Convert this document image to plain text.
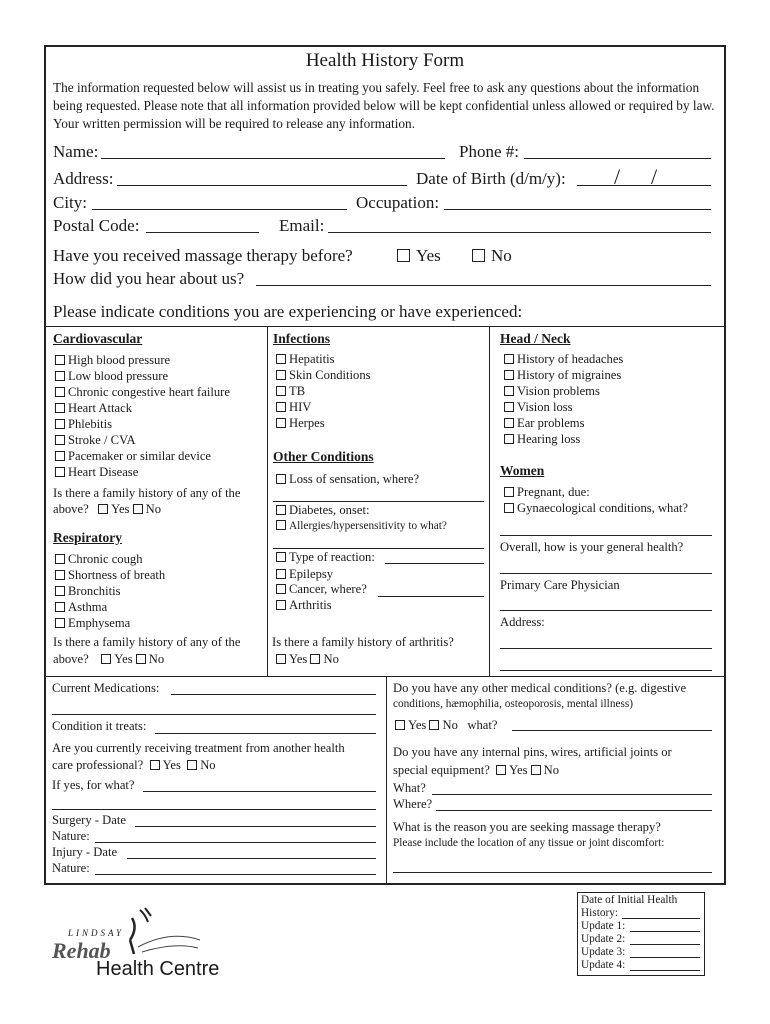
Health History Form
The information requested below will assist us in treating you safely. Feel free to ask any questions about the information being requested. Please note that all information provided below will be kept confidential unless allowed or required by law. Your written permission will be required to release any information.
Name:	Phone #:
Address:	Date of Birth (d/m/y): / /
City:	Occupation:
Postal Code:	Email:
Have you received massage therapy before?	Yes	No
How did you hear about us?
Please indicate conditions you are experiencing or have experienced:
Cardiovascular
High blood pressure
Low blood pressure
Chronic congestive heart failure
Heart Attack
Phlebitis
Stroke / CVA
Pacemaker or similar device
Heart Disease
Is there a family history of any of the
above? Yes No
Respiratory
Chronic cough
Shortness of breath
Bronchitis
Asthma
Emphysema
Is there a family history of any of the
above? Yes No
Infections
Hepatitis
Skin Conditions
TB
HIV
Herpes
Other Conditions
Loss of sensation, where?
Diabetes, onset:
Allergies/hypersensitivity to what?
Type of reaction:
Epilepsy
Cancer, where?
Arthritis
Is there a family history of arthritis?
Yes No
Head / Neck
History of headaches
History of migraines
Vision problems
Vision loss
Ear problems
Hearing loss
Women
Pregnant, due:
Gynaecological conditions, what?
Overall, how is your general health?
Primary Care Physician
Address:
Current Medications:
Condition it treats:
Are you currently receiving treatment from another health
care professional? Yes No
If yes, for what?
Surgery - Date
Nature:
Injury - Date
Nature:
Do you have any other medical conditions? (e.g. digestive
conditions, hæmophilia, osteoporosis, mental illness)
Yes No what?
Do you have any internal pins, wires, artificial joints or
special equipment? Yes No
What?
Where?
What is the reason you are seeking massage therapy?
Please include the location of any tissue or joint discomfort:
Date of Initial Health
History:
Update 1:
Update 2:
Update 3:
Update 4:
LINDSAY
Rehab
Health Centre
